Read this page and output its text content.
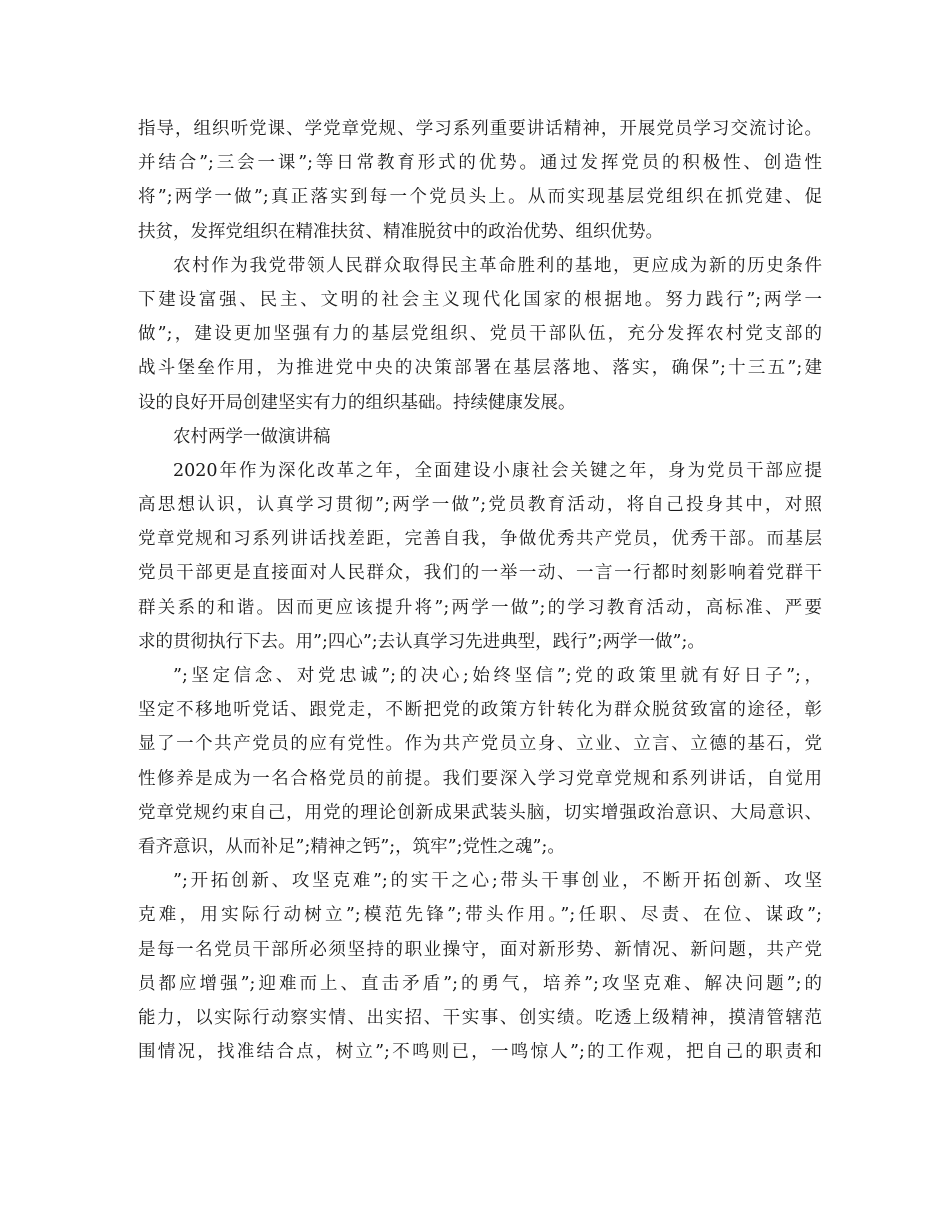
指导，组织听党课、学党章党规、学习系列重要讲话精神，开展党员学习交流讨论。
并结合”;三会一课”;等日常教育形式的优势。通过发挥党员的积极性、创造性
将”;两学一做”;真正落实到每一个党员头上。从而实现基层党组织在抓党建、促
扶贫，发挥党组织在精准扶贫、精准脱贫中的政治优势、组织优势。
农村作为我党带领人民群众取得民主革命胜利的基地，更应成为新的历史条件
下建设富强、民主、文明的社会主义现代化国家的根据地。努力践行”;两学一
做”;，建设更加坚强有力的基层党组织、党员干部队伍，充分发挥农村党支部的
战斗堡垒作用，为推进党中央的决策部署在基层落地、落实，确保”;十三五”;建
设的良好开局创建坚实有力的组织基础。持续健康发展。
农村两学一做演讲稿
2020年作为深化改革之年，全面建设小康社会关键之年，身为党员干部应提
高思想认识，认真学习贯彻”;两学一做”;党员教育活动，将自己投身其中，对照
党章党规和习系列讲话找差距，完善自我，争做优秀共产党员，优秀干部。而基层
党员干部更是直接面对人民群众，我们的一举一动、一言一行都时刻影响着党群干
群关系的和谐。因而更应该提升将”;两学一做”;的学习教育活动，高标准、严要
求的贯彻执行下去。用”;四心”;去认真学习先进典型，践行”;两学一做”;。
”;坚定信念、对党忠诚”;的决心;始终坚信”;党的政策里就有好日子”;，
坚定不移地听党话、跟党走，不断把党的政策方针转化为群众脱贫致富的途径，彰
显了一个共产党员的应有党性。作为共产党员立身、立业、立言、立德的基石，党
性修养是成为一名合格党员的前提。我们要深入学习党章党规和系列讲话，自觉用
党章党规约束自己，用党的理论创新成果武装头脑，切实增强政治意识、大局意识、
看齐意识，从而补足”;精神之钙”;，筑牢”;党性之魂”;。
”;开拓创新、攻坚克难”;的实干之心;带头干事创业，不断开拓创新、攻坚
克难，用实际行动树立”;模范先锋”;带头作用。”;任职、尽责、在位、谋政”;
是每一名党员干部所必须坚持的职业操守，面对新形势、新情况、新问题，共产党
员都应增强”;迎难而上、直击矛盾”;的勇气，培养”;攻坚克难、解决问题”;的
能力，以实际行动察实情、出实招、干实事、创实绩。吃透上级精神，摸清管辖范
围情况，找准结合点，树立”;不鸣则已，一鸣惊人”;的工作观，把自己的职责和
